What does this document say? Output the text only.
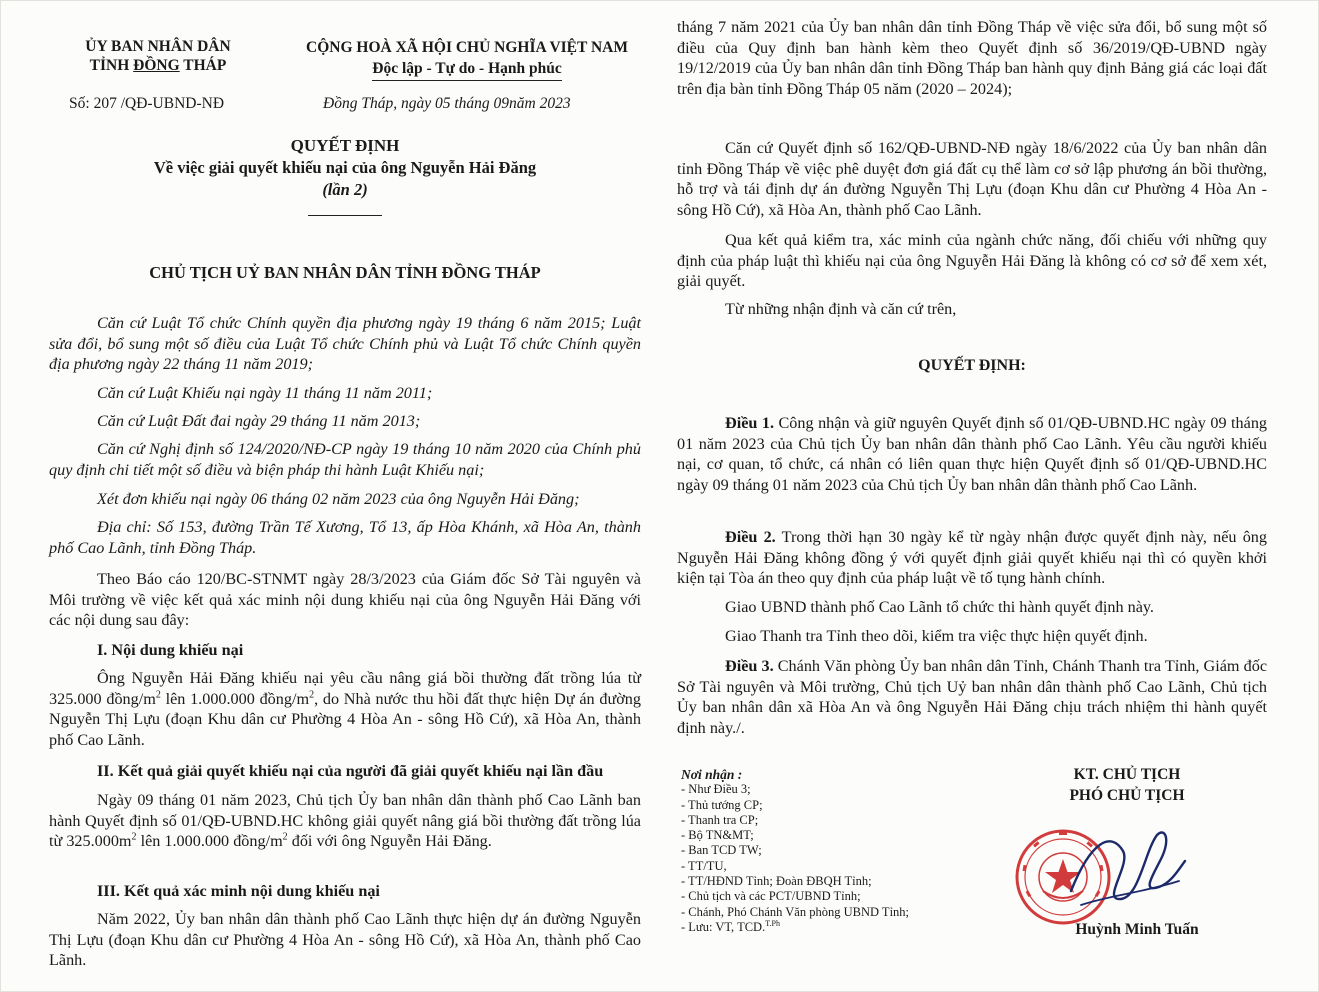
ỦY BAN NHÂN DÂN
TỈNH ĐỒNG THÁP
CỘNG HOÀ XÃ HỘI CHỦ NGHĨA VIỆT NAM
Độc lập - Tự do - Hạnh phúc
Số: 207 /QĐ-UBND-NĐ	Đồng Tháp, ngày 05 tháng 09năm 2023
QUYẾT ĐỊNH
Về việc giải quyết khiếu nại của ông Nguyễn Hải Đăng
(lần 2)
CHỦ TỊCH UỶ BAN NHÂN DÂN TỈNH ĐỒNG THÁP

Căn cứ Luật Tổ chức Chính quyền địa phương ngày 19 tháng 6 năm 2015; Luật sửa đổi, bổ sung một số điều của Luật Tổ chức Chính phủ và Luật Tổ chức Chính quyền địa phương ngày 22 tháng 11 năm 2019;

Căn cứ Luật Khiếu nại ngày 11 tháng 11 năm 2011;

Căn cứ Luật Đất đai ngày 29 tháng 11 năm 2013;

Căn cứ Nghị định số 124/2020/NĐ-CP ngày 19 tháng 10 năm 2020 của Chính phủ quy định chi tiết một số điều và biện pháp thi hành Luật Khiếu nại;

Xét đơn khiếu nại ngày 06 tháng 02 năm 2023 của ông Nguyễn Hải Đăng;

Địa chỉ: Số 153, đường Trần Tế Xương, Tổ 13, ấp Hòa Khánh, xã Hòa An, thành phố Cao Lãnh, tỉnh Đồng Tháp.

Theo Báo cáo 120/BC-STNMT ngày 28/3/2023 của Giám đốc Sở Tài nguyên và Môi trường về việc kết quả xác minh nội dung khiếu nại của ông Nguyễn Hải Đăng với các nội dung sau đây:

I. Nội dung khiếu nại

Ông Nguyễn Hải Đăng khiếu nại yêu cầu nâng giá bồi thường đất trồng lúa từ 325.000 đồng/$m^2$ lên 1.000.000 đồng/$m^2$, do Nhà nước thu hồi đất thực hiện Dự án đường Nguyễn Thị Lựu (đoạn Khu dân cư Phường 4 Hòa An - sông Hồ Cứ), xã Hòa An, thành phố Cao Lãnh.

II. Kết quả giải quyết khiếu nại của người đã giải quyết khiếu nại lần đầu

Ngày 09 tháng 01 năm 2023, Chủ tịch Ủy ban nhân dân thành phố Cao Lãnh ban hành Quyết định số 01/QĐ-UBND.HC không giải quyết nâng giá bồi thường đất trồng lúa từ $325.000m^2$ lên 1.000.000 đồng/$m^2$ đối với ông Nguyễn Hải Đăng.

III. Kết quả xác minh nội dung khiếu nại

Năm 2022, Ủy ban nhân dân thành phố Cao Lãnh thực hiện dự án đường Nguyễn Thị Lựu (đoạn Khu dân cư Phường 4 Hòa An - sông Hồ Cứ), xã Hòa An, thành phố Cao Lãnh.

tháng 7 năm 2021 của Ủy ban nhân dân tỉnh Đồng Tháp về việc sửa đổi, bổ sung một số điều của Quy định ban hành kèm theo Quyết định số 36/2019/QĐ-UBND ngày 19/12/2019 của Ủy ban nhân dân tỉnh Đồng Tháp ban hành quy định Bảng giá các loại đất trên địa bàn tỉnh Đồng Tháp 05 năm (2020 – 2024);

Căn cứ Quyết định số 162/QĐ-UBND-NĐ ngày 18/6/2022 của Ủy ban nhân dân tỉnh Đồng Tháp về việc phê duyệt đơn giá đất cụ thể làm cơ sở lập phương án bồi thường, hỗ trợ và tái định dự án đường Nguyễn Thị Lựu (đoạn Khu dân cư Phường 4 Hòa An - sông Hồ Cứ), xã Hòa An, thành phố Cao Lãnh.

Qua kết quả kiểm tra, xác minh của ngành chức năng, đối chiếu với những quy định của pháp luật thì khiếu nại của ông Nguyễn Hải Đăng là không có cơ sở để xem xét, giải quyết.

Từ những nhận định và căn cứ trên,

QUYẾT ĐỊNH:

Điều 1. Công nhận và giữ nguyên Quyết định số 01/QĐ-UBND.HC ngày 09 tháng 01 năm 2023 của Chủ tịch Ủy ban nhân dân thành phố Cao Lãnh. Yêu cầu người khiếu nại, cơ quan, tổ chức, cá nhân có liên quan thực hiện Quyết định số 01/QĐ-UBND.HC ngày 09 tháng 01 năm 2023 của Chủ tịch Ủy ban nhân dân thành phố Cao Lãnh.

Điều 2. Trong thời hạn 30 ngày kể từ ngày nhận được quyết định này, nếu ông Nguyễn Hải Đăng không đồng ý với quyết định giải quyết khiếu nại thì có quyền khởi kiện tại Tòa án theo quy định của pháp luật về tố tụng hành chính.

Giao UBND thành phố Cao Lãnh tổ chức thi hành quyết định này.

Giao Thanh tra Tỉnh theo dõi, kiểm tra việc thực hiện quyết định.

Điều 3. Chánh Văn phòng Ủy ban nhân dân Tỉnh, Chánh Thanh tra Tỉnh, Giám đốc Sở Tài nguyên và Môi trường, Chủ tịch Uỷ ban nhân dân thành phố Cao Lãnh, Chủ tịch Ủy ban nhân dân xã Hòa An và ông Nguyễn Hải Đăng chịu trách nhiệm thi hành quyết định này./.

Nơi nhận :
- Như Điều 3;
- Thủ tướng CP;
- Thanh tra CP;
- Bộ TN&MT;
- Ban TCD TW;
- TT/TU,
- TT/HĐND Tỉnh; Đoàn ĐBQH Tỉnh;
- Chủ tịch và các PCT/UBND Tỉnh;
- Chánh, Phó Chánh Văn phòng UBND Tỉnh;
- Lưu: VT, TCD.$^{T.Ph}$
KT. CHỦ TỊCH
PHÓ CHỦ TỊCH
Huỳnh Minh Tuấn
